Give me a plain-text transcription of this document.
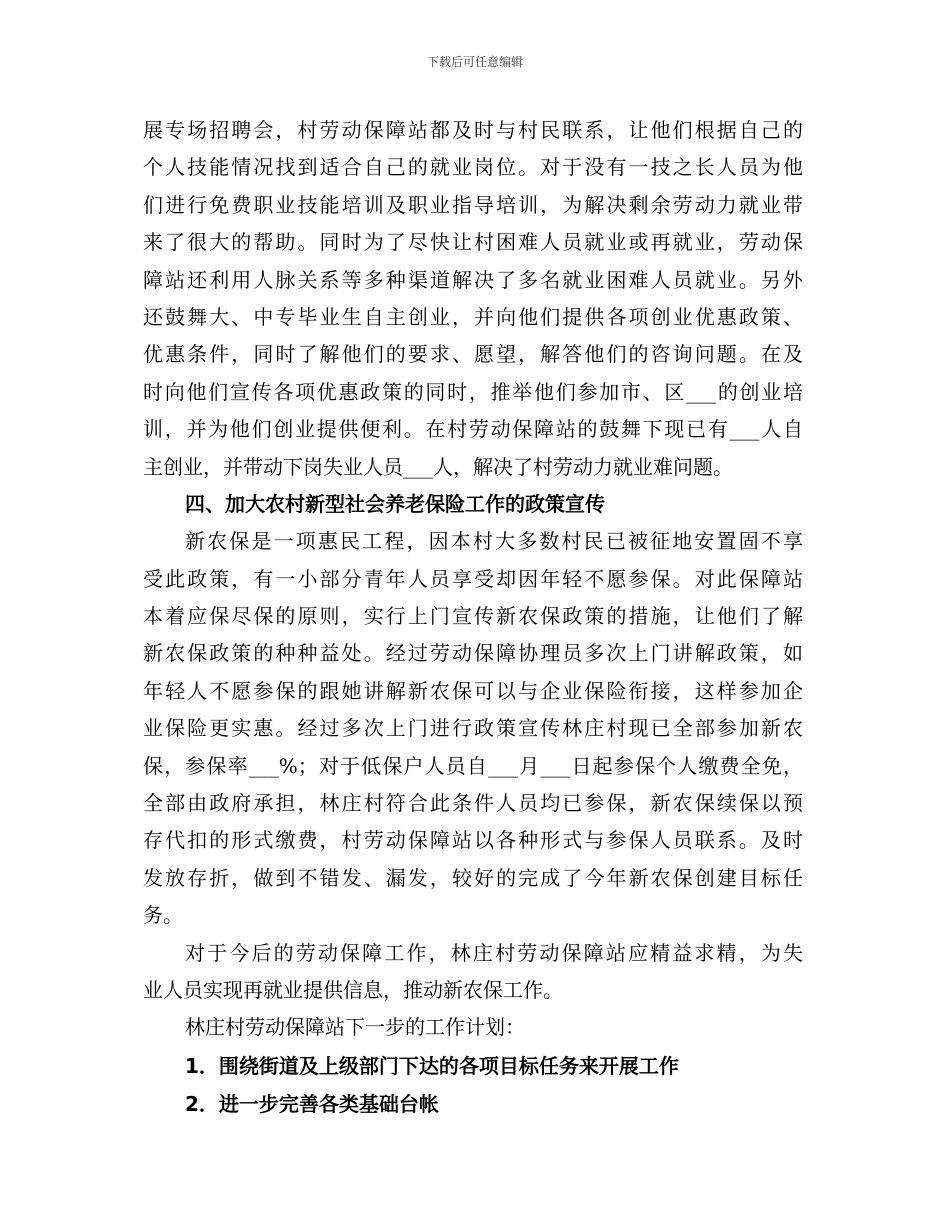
下载后可任意编辑
展专场招聘会，村劳动保障站都及时与村民联系，让他们根据自己的
个人技能情况找到适合自己的就业岗位。对于没有一技之长人员为他
们进行免费职业技能培训及职业指导培训，为解决剩余劳动力就业带
来了很大的帮助。同时为了尽快让村困难人员就业或再就业，劳动保
障站还利用人脉关系等多种渠道解决了多名就业困难人员就业。另外
还鼓舞大、中专毕业生自主创业，并向他们提供各项创业优惠政策、
优惠条件，同时了解他们的要求、愿望，解答他们的咨询问题。在及
时向他们宣传各项优惠政策的同时，推举他们参加市、区___的创业培
训，并为他们创业提供便利。在村劳动保障站的鼓舞下现已有___人自
主创业，并带动下岗失业人员___人，解决了村劳动力就业难问题。
四、加大农村新型社会养老保险工作的政策宣传
新农保是一项惠民工程，因本村大多数村民已被征地安置固不享
受此政策，有一小部分青年人员享受却因年轻不愿参保。对此保障站
本着应保尽保的原则，实行上门宣传新农保政策的措施，让他们了解
新农保政策的种种益处。经过劳动保障协理员多次上门讲解政策，如
年轻人不愿参保的跟她讲解新农保可以与企业保险衔接，这样参加企
业保险更实惠。经过多次上门进行政策宣传林庄村现已全部参加新农
保，参保率___%；对于低保户人员自___月___日起参保个人缴费全免，
全部由政府承担，林庄村符合此条件人员均已参保，新农保续保以预
存代扣的形式缴费，村劳动保障站以各种形式与参保人员联系。及时
发放存折，做到不错发、漏发，较好的完成了今年新农保创建目标任
务。
对于今后的劳动保障工作，林庄村劳动保障站应精益求精，为失
业人员实现再就业提供信息，推动新农保工作。
林庄村劳动保障站下一步的工作计划：
1．围绕街道及上级部门下达的各项目标任务来开展工作
2．进一步完善各类基础台帐
